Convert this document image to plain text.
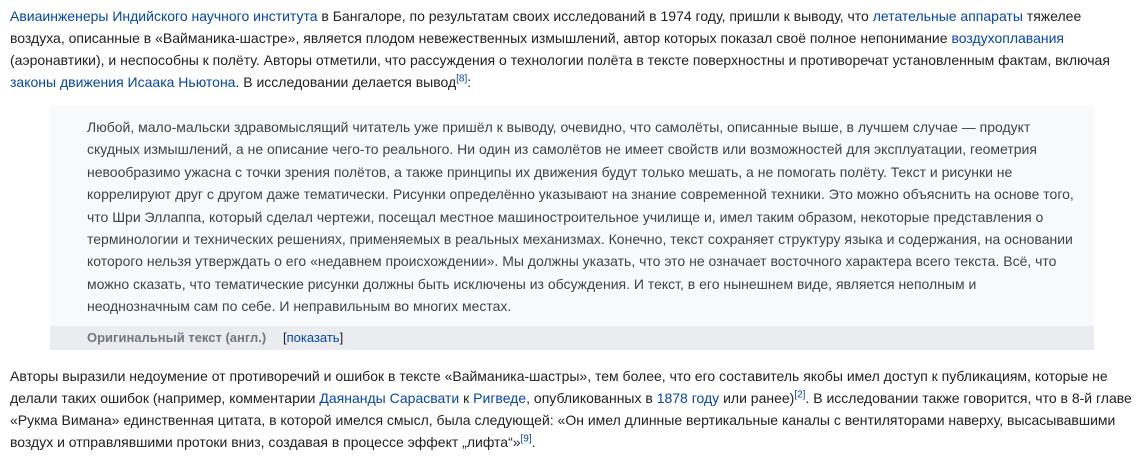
Авиаинженеры Индийского научного института в Бангалоре, по результатам своих исследований в 1974 году, пришли к выводу, что летательные аппараты тяжелее воздуха, описанные в «Вайманика-шастре», является плодом невежественных измышлений, автор которых показал своё полное непонимание воздухоплавания (аэронавтики), и неспособны к полёту. Авторы отметили, что рассуждения о технологии полёта в тексте поверхностны и противоречат установленным фактам, включая законы движения Исаака Ньютона. В исследовании делается вывод[8]:

Любой, мало-мальски здравомыслящий читатель уже пришёл к выводу, очевидно, что самолёты, описанные выше, в лучшем случае — продукт скудных измышлений, а не описание чего-то реального. Ни один из самолётов не имеет свойств или возможностей для эксплуатации, геометрия невообразимо ужасна с точки зрения полётов, а также принципы их движения будут только мешать, а не помогать полёту. Текст и рисунки не коррелируют друг с другом даже тематически. Рисунки определённо указывают на знание современной техники. Это можно объяснить на основе того, что Шри Эллаппа, который сделал чертежи, посещал местное машиностроительное училище и, имел таким образом, некоторые представления о терминологии и технических решениях, применяемых в реальных механизмах. Конечно, текст сохраняет структуру языка и содержания, на основании которого нельзя утверждать о его «недавнем происхождении». Мы должны указать, что это не означает восточного характера всего текста. Всё, что можно сказать, что тематические рисунки должны быть исключены из обсуждения. И текст, в его нынешнем виде, является неполным и неоднозначным сам по себе. И неправильным во многих местах.

Оригинальный текст (англ.) [показать]

Авторы выразили недоумение от противоречий и ошибок в тексте «Вайманика-шастры», тем более, что его составитель якобы имел доступ к публикациям, которые не делали таких ошибок (например, комментарии Даянанды Сарасвати к Ригведе, опубликованных в 1878 году или ранее)[2]. В исследовании также говорится, что в 8-й главе «Рукма Вимана» единственная цитата, в которой имелся смысл, была следующей: «Он имел длинные вертикальные каналы с вентиляторами наверху, высасывавшими воздух и отправлявшими протоки вниз, создавая в процессе эффект „лифта“»[9].
